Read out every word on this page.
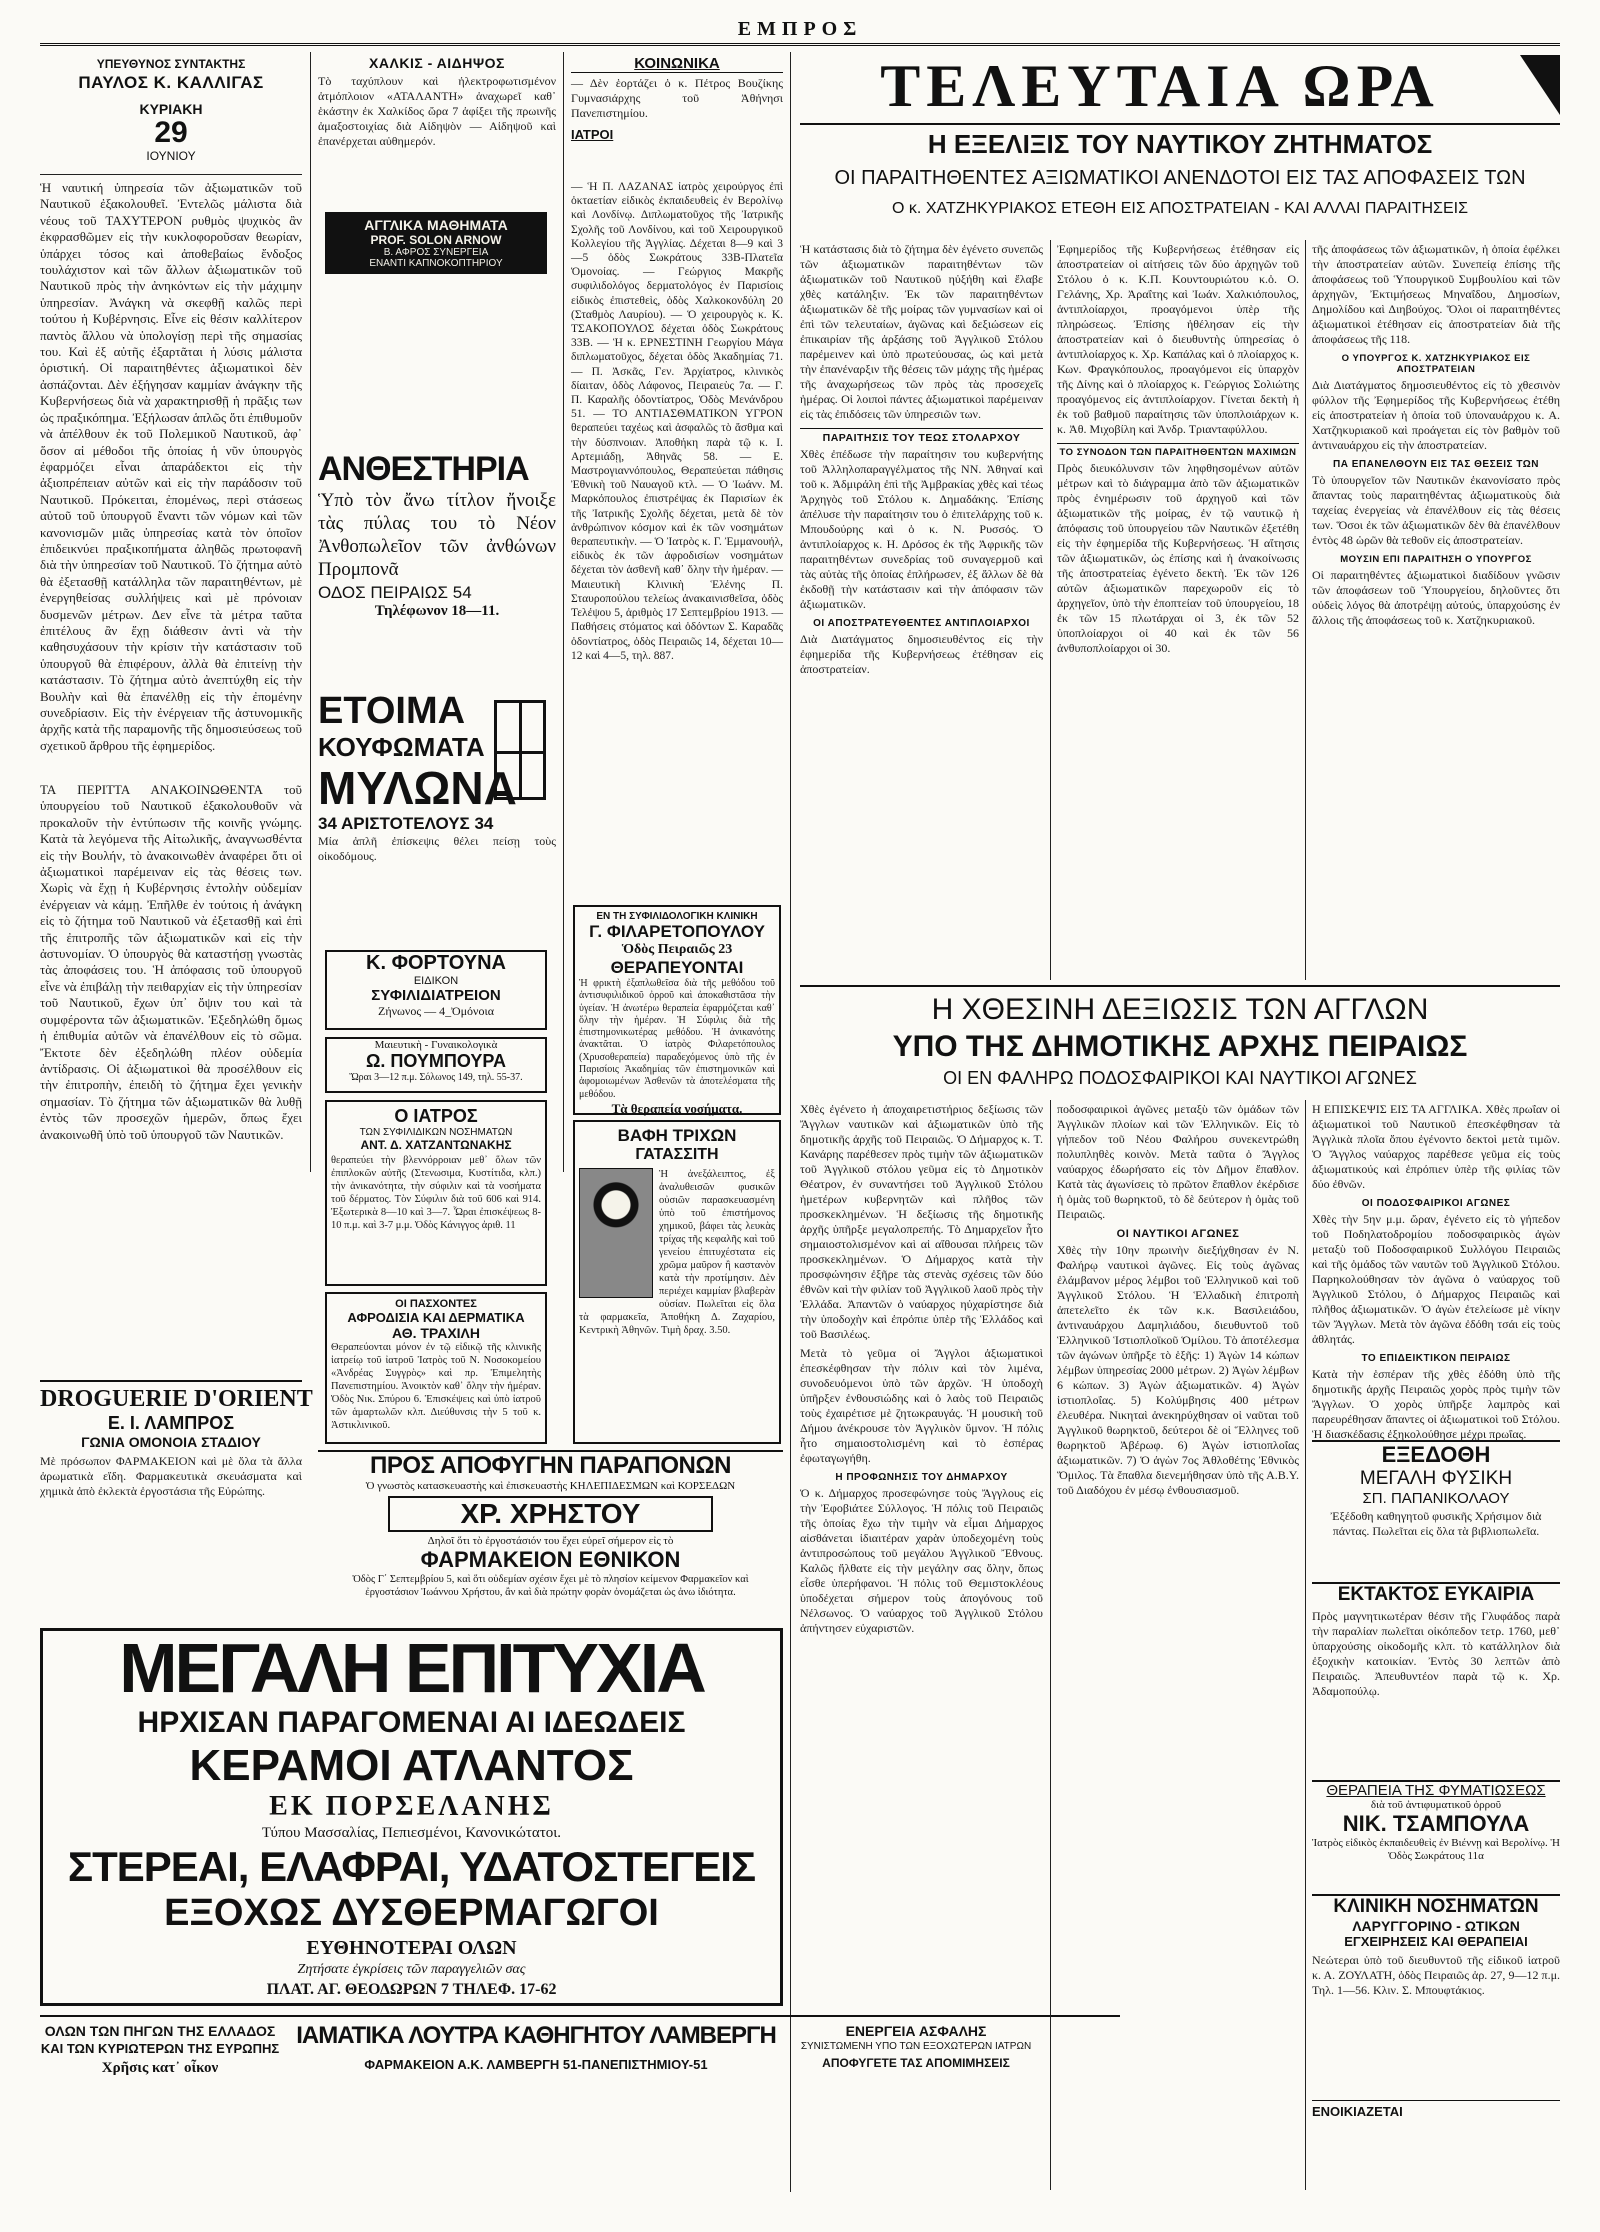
ΕΜΠΡΟΣ
ΥΠΕΥΘΥΝΟΣ ΣΥΝΤΑΚΤΗΣ
ΠΑΥΛΟΣ Κ. ΚΑΛΛΙΓΑΣ
ΚΥΡΙΑΚΗ
29
ΙΟΥΝΙΟΥ
Ἡ ναυτική ὑπηρεσία τῶν ἀξιωματικῶν τοῦ Ναυτικοῦ ἐξακολουθεῖ. Ἐντελῶς μάλιστα διὰ νέους τοῦ ΤΑΧΥΤΕΡΟΝ ρυθμὸς ψυχικὸς ἂν ἐκφρασθῶμεν εἰς τὴν κυκλοφοροῦσαν θεωρίαν, ὑπάρχει τόσος καὶ ἀποθεβαίως ἔνδοξος τουλάχιστον καὶ τῶν ἄλλων ἀξιωματικῶν τοῦ Ναυτικοῦ πρὸς τὴν ἀνηκόντων εἰς τὴν μάχιμην ὑπηρεσίαν. Ἀνάγκη νὰ σκεφθῇ καλῶς περὶ τούτου ἡ Κυβέρνησις. Εἶνε εἰς θέσιν καλλίτερον παντὸς ἄλλου νὰ ὑπολογίσῃ περὶ τῆς σημασίας του. Καὶ ἐξ αὐτῆς ἐξαρτᾶται ἡ λύσις μάλιστα ὁριστική. Οἱ παραιτηθέντες ἀξιωματικοὶ δὲν ἀσπάζονται. Δὲν ἐξήγησαν καμμίαν ἀνάγκην τῆς Κυβερνήσεως διὰ νὰ χαρακτηρισθῇ ἡ πρᾶξις των ὡς πραξικόπημα. Ἐξήλωσαν ἁπλῶς ὅτι ἐπιθυμοῦν νὰ ἀπέλθουν ἐκ τοῦ Πολεμικοῦ Ναυτικοῦ, ἀφ᾽ ὅσον αἱ μέθοδοι τῆς ὁποίας ἡ νῦν ὑπουργὸς ἐφαρμόζει εἶναι ἀπαράδεκτοι εἰς τὴν ἀξιοπρέπειαν αὐτῶν καὶ εἰς τὴν παράδοσιν τοῦ Ναυτικοῦ. Πρόκειται, ἐπομένως, περὶ στάσεως αὐτοῦ τοῦ ὑπουργοῦ ἔναντι τῶν νόμων καὶ τῶν κανονισμῶν μιᾶς ὑπηρεσίας κατὰ τὸν ὁποῖον ἐπιδεικνύει πραξικοπήματα ἀληθῶς πρωτοφανῆ διὰ τὴν ὑπηρεσίαν τοῦ Ναυτικοῦ. Τὸ ζήτημα αὐτὸ θὰ ἐξετασθῇ κατάλληλα τῶν παραιτηθέντων, μὲ ἐνεργηθείσας συλλήψεις καὶ μὲ πρόνοιαν δυσμενῶν μέτρων. Δεν εἶνε τὰ μέτρα ταῦτα ἐπιτέλους ἂν ἔχῃ διάθεσιν ἀντὶ νὰ τὴν καθησυχάσουν τὴν κρίσιν τὴν κατάστασιν τοῦ ὑπουργοῦ θὰ ἐπιφέρουν, ἀλλὰ θὰ ἐπιτείνῃ τὴν κατάστασιν. Τὸ ζήτημα αὐτὸ ἀνεπτύχθη εἰς τὴν Βουλὴν καὶ θὰ ἐπανέλθῃ εἰς τὴν ἐπομένην συνεδρίασιν. Εἰς τὴν ἐνέργειαν τῆς ἀστυνομικῆς ἀρχῆς κατὰ τῆς παραμονῆς τῆς δημοσιεύσεως τοῦ σχετικοῦ ἄρθρου τῆς ἐφημερίδος.
ΤΑ ΠΕΡΙΤΤΑ ΑΝΑΚΟΙΝΩΘΕΝΤΑ τοῦ ὑπουργείου τοῦ Ναυτικοῦ ἐξακολουθοῦν νὰ προκαλοῦν τὴν ἐντύπωσιν τῆς κοινῆς γνώμης. Κατὰ τὰ λεγόμενα τῆς Αἰτωλικῆς, ἀναγνωσθέντα εἰς τὴν Βουλήν, τὸ ἀνακοινωθὲν ἀναφέρει ὅτι οἱ ἀξιωματικοὶ παρέμειναν εἰς τὰς θέσεις των. Χωρὶς νὰ ἔχῃ ἡ Κυβέρνησις ἐντολὴν οὐδεμίαν ἐνέργειαν νὰ κάμῃ. Ἐπῆλθε ἐν τούτοις ἡ ἀνάγκη εἰς τὸ ζήτημα τοῦ Ναυτικοῦ νὰ ἐξετασθῇ καὶ ἐπὶ τῆς ἐπιτροπῆς τῶν ἀξιωματικῶν καὶ εἰς τὴν ἀστυνομίαν. Ὁ ὑπουργὸς θὰ καταστήσῃ γνωστὰς τὰς ἀποφάσεις του. Ἡ ἀπόφασις τοῦ ὑπουργοῦ εἶνε νὰ ἐπιβάλῃ τὴν πειθαρχίαν εἰς τὴν ὑπηρεσίαν τοῦ Ναυτικοῦ, ἔχων ὑπ᾽ ὄψιν του καὶ τὰ συμφέροντα τῶν ἀξιωματικῶν. Ἐξεδηλώθη ὅμως ἡ ἐπιθυμία αὐτῶν νὰ ἐπανέλθουν εἰς τὸ σῶμα. Ἔκτοτε δὲν ἐξεδηλώθη πλέον οὐδεμία ἀντίδρασις. Οἱ ἀξιωματικοὶ θὰ προσέλθουν εἰς τὴν ἐπιτροπὴν, ἐπειδὴ τὸ ζήτημα ἔχει γενικὴν σημασίαν. Τὸ ζήτημα τῶν ἀξιωματικῶν θὰ λυθῇ ἐντὸς τῶν προσεχῶν ἡμερῶν, ὅπως ἔχει ἀνακοινωθῆ ὑπὸ τοῦ ὑπουργοῦ τῶν Ναυτικῶν.
DROGUERIE D'ORIENT
Ε. Ι. ΛΑΜΠΡΟΣ
ΓΩΝΙΑ ΟΜΟΝΟΙΑ ΣΤΑΔΙΟΥ
Μὲ πρόσωπον ΦΑΡΜΑΚΕΙΟΝ καὶ μὲ ὅλα τὰ ἄλλα ἀρωματικὰ εἴδη. Φαρμακευτικὰ σκευάσματα καὶ χημικὰ ἀπὸ ἐκλεκτὰ ἐργοστάσια τῆς Εὐρώπης.
ΧΑΛΚΙΣ - ΑΙΔΗΨΟΣ
Τὸ ταχύπλουν καὶ ἠλεκτροφωτισμένον ἀτμόπλοιον «ΑΤΑΛΑΝΤΗ» ἀναχωρεῖ καθ᾽ ἑκάστην ἐκ Χαλκίδος ὥρα 7 ἀφίξει τῆς πρωινῆς ἁμαξοστοιχίας διὰ Αἰδηψὸν — Αἰδηψοῦ καὶ ἐπανέρχεται αὐθημερόν.
ΑΓΓΛΙΚΑ ΜΑΘΗΜΑΤΑ
PROF. SOLON ARNOW
Β. ΑΦΡΟΣ ΣΥΝΕΡΓΕΙΑ
ΕΝΑΝΤΙ ΚΑΠΝΟΚΟΠΤΗΡΙΟΥ
ΑΝΘΕΣΤΗΡΙΑ
Ὑπὸ τὸν ἄνω τίτλον ἤνοιξε τὰς πύλας του τὸ Νέον Ἀνθοπωλεῖον τῶν ἀνθώνων Προμπονᾶ
ΟΔΟΣ ΠΕΙΡΑΙΩΣ 54
Τηλέφωνον 18—11.
ΕΤΟΙΜΑ
ΚΟΥΦΩΜΑΤΑ
ΜΥΛΩΝΑ
34 ΑΡΙΣΤΟΤΕΛΟΥΣ 34
Μία ἁπλῆ ἐπίσκεψις θέλει πείσῃ τοὺς οἰκοδόμους.
Κ. ΦΟΡΤΟΥΝΑ
ΕΙΔΙΚΟΝ
ΣΥΦΙΛΙΔΙΑΤΡΕΙΟΝ
Ζήνωνος — 4_Ὀμόνοια
Μαιευτικὴ - Γυναικολογικὰ
Ω. ΠΟΥΜΠΟΥΡΑ
Ὥραι 3—12 π.μ. Σόλωνος 149, τηλ. 55-37.
Ο ΙΑΤΡΟΣ
ΤΩΝ ΣΥΦΙΛΙΔΙΚΩΝ ΝΟΣΗΜΑΤΩΝ
ΑΝΤ. Δ. ΧΑΤΖΑΝΤΩΝΑΚΗΣ
θεραπεύει τὴν βλεννόρροιαν μεθ᾽ ὅλων τῶν ἐπιπλοκῶν αὐτῆς (Στενωσιμα, Κυστίτιδα, κλπ.) τὴν ἀνικανότητα, τὴν σύφιλιν καὶ τὰ νοσήματα τοῦ δέρματος. Τὸν Σύφιλιν διὰ τοῦ 606 καὶ 914. Ἐξωτερικὰ 8—10 καὶ 3—7. Ὧραι ἐπισκέψεως 8-10 π.μ. καὶ 3-7 μ.μ. Ὁδὸς Κάνιγγος ἀριθ. 11
ΟΙ ΠΑΣΧΟΝΤΕΣ
ΑΦΡΟΔΙΣΙΑ ΚΑΙ ΔΕΡΜΑΤΙΚΑ
ΑΘ. ΤΡΑΧΙΛΗ
Θεραπεύονται μόνον ἐν τῷ εἰδικῷ τῆς κλινικῆς ἰατρείῳ τοῦ ἰατροῦ Ἰατρὸς τοῦ Ν. Νοσοκομείου «Ἀνδρέας Συγγρὸς» καὶ πρ. Ἐπιμελητὴς Πανεπιστημίου. Ἀνοικτὸν καθ᾽ ὅλην τὴν ἡμέραν. Ὁδὸς Νικ. Σπύρου 6. Ἐπισκέψεις καὶ ὑπὸ ἰατροῦ τῶν ἁμαρτωλῶν κλπ. Διεύθυνσις τὴν 5 τοῦ κ. Ἀστικλινικοῦ.
ΚΟΙΝΩΝΙΚΑ
— Δὲν ἑορτάζει ὁ κ. Πέτρος Βουζίκης Γυμνασιάρχης τοῦ Ἀθήνησι Πανεπιστημίου.
ΙΑΤΡΟΙ
— Ἡ Π. ΛΑΖΑΝΑΣ ἰατρὸς χειρούργος ἐπὶ ὀκταετίαν εἰδικὸς ἐκπαιδευθεὶς ἐν Βερολίνῳ καὶ Λονδίνῳ. Διπλωματοῦχος τῆς Ἰατρικῆς Σχολῆς τοῦ Λονδίνου, καὶ τοῦ Χειρουργικοῦ Κολλεγίου τῆς Ἀγγλίας. Δέχεται 8—9 καὶ 3—5 ὁδὸς Σωκράτους 33Β-Πλατεῖα Ὁμονοίας. — Γεώργιος Μακρῆς συφιλιδολόγος δερματολόγος ἐν Παρισίοις εἰδικὸς ἐπιστεθεὶς, ὁδὸς Χαλκοκονδύλη 20 (Σταθμὸς Λαυρίου). — Ὁ χειρουργὸς κ. Κ. ΤΣΑΚΟΠΟΥΛΟΣ δέχεται ὁδὸς Σωκράτους 33Β. — Ἡ κ. ΕΡΝΕΣΤΙΝΗ Γεωργίου Μάγα διπλωματοῦχος, δέχεται ὁδὸς Ἀκαδημίας 71. — Π. Ἀσκᾶς, Γεν. Ἀρχίατρος, κλινικὸς δίαιταν, ὁδὸς Λάφονος, Πειραιεὺς 7α. — Γ. Π. Καραλῆς ὀδοντίατρος, Ὁδὸς Μενάνδρου 51. — ΤΟ ΑΝΤΙΑΣΘΜΑΤΙΚΟΝ ΥΓΡΟΝ θεραπεύει ταχέως καὶ ἀσφαλῶς τὸ ἄσθμα καὶ τὴν δύσπνοιαν. Ἀποθήκη παρὰ τῷ κ. Ι. Αρτεμιάδῃ, Ἀθηνᾶς 58. — Ε. Μαστρογιαννόπουλος, Θεραπεύεται πάθησις Ἐθνικὴ τοῦ Ναυαγοῦ κτλ. — Ὁ Ἰωάνν. Μ. Μαρκόπουλος ἐπιστρέψας ἐκ Παρισίων ἐκ τῆς Ἰατρικῆς Σχολῆς δέχεται, μετὰ δὲ τὸν ἀνθρώπινον κόσμον καὶ ἐκ τῶν νοσημάτων θεραπευτικὴν. — Ὁ Ἰατρὸς κ. Γ. Ἐμμανουήλ, εἰδικὸς ἐκ τῶν ἀφροδισίων νοσημάτων δέχεται τὸν ἀσθενῆ καθ᾽ ὅλην τὴν ἡμέραν. — Μαιευτικὴ Κλινικὴ Ἑλένης Π. Σταυροπούλου τελείως ἀνακαινισθεῖσα, ὁδὸς Τελέψου 5, ἀριθμὸς 17 Σεπτεμβρίου 1913. — Παθήσεις στόματος καὶ ὀδόντων Σ. Καραδᾶς ὀδοντίατρος, ὁδὸς Πειραιῶς 14, δέχεται 10—12 καὶ 4—5, τηλ. 887.
ΕΝ ΤΗ ΣΥΦΙΛΙΔΟΛΟΓΙΚΗ ΚΛΙΝΙΚΗ
Γ. ΦΙΛΑΡΕΤΟΠΟΥΛΟΥ
Ὁδὸς Πειραιῶς 23
ΘΕΡΑΠΕΥΟΝΤΑΙ
Ἡ φρικτὴ ἐξαπλωθεῖσα διὰ τῆς μεθόδου τοῦ ἀντισυφιλιδικοῦ ὀρροῦ καὶ ἀποκαθιστᾶσα τὴν ὑγείαν. Ἡ ἀνωτέρω θεραπεία ἐφαρμόζεται καθ᾽ ὅλην τὴν ἡμέραν. Ἡ Σύφιλις διὰ τῆς ἐπιστημονικωτέρας μεθόδου. Ἡ ἀνικανότης ἀνακτᾶται. Ὁ ἰατρὸς Φιλαρετόπουλος (Χρυσοθεραπεία) παραδεχόμενος ὑπὸ τῆς ἐν Παρισίοις Ἀκαδημίας τῶν ἐπιστημονικῶν καὶ ἀφομοιωμένων Ἀσθενῶν τὰ ἀποτελέσματα τῆς μεθόδου.
Τὰ θεραπεία νοσήματα.
ΒΑΦΗ ΤΡΙΧΩΝ
ΓΑΤΑΣΣΙΤΗ
Ἡ ἀνεξάλειπτος, ἐξ ἀναλυθεισῶν φυσικῶν οὐσιῶν παρασκευασμένη ὑπὸ τοῦ ἐπιστήμονος χημικοῦ, βάφει τὰς λευκὰς τρίχας τῆς κεφαλῆς καὶ τοῦ γενείου ἐπιτυχέστατα εἰς χρῶμα μαῦρον ἢ καστανὸν κατὰ τὴν προτίμησιν. Δὲν περιέχει καμμίαν βλαβερὰν οὐσίαν. Πωλεῖται εἰς ὅλα τὰ φαρμακεῖα, Ἀποθήκη Δ. Ζαχαρίου, Κεντρικὴ Ἀθηνῶν. Τιμὴ δραχ. 3.50.
ΠΡΟΣ ΑΠΟΦΥΓΗΝ ΠΑΡΑΠΟΝΩΝ
Ὁ γνωστὸς κατασκευαστὴς καὶ ἐπισκευαστὴς ΚΗΛΕΠΙΔΕΣΜΩΝ καὶ ΚΟΡΣΕΔΩΝ
ΧΡ. ΧΡΗΣΤΟΥ
Δηλοῖ ὅτι τὸ ἐργοστάσιόν του ἔχει εὑρεῖ σήμερον εἰς τὸ
ΦΑΡΜΑΚΕΙΟΝ ΕΘΝΙΚΟΝ
Ὁδὸς Γ΄ Σεπτεμβρίου 5, καὶ ὅτι οὐδεμίαν σχέσιν ἔχει μὲ τὸ πλησίον κείμενον Φαρμακεῖον καὶ ἐργοστάσιον Ἰωάννου Χρήστου, ἂν καὶ διὰ πρώτην φορὰν ὀνομάζεται ὡς ἀνω ἰδιότητα.
ΜΕΓΑΛΗ ΕΠΙΤΥΧΙΑ
ΗΡΧΙΣΑΝ ΠΑΡΑΓΟΜΕΝΑΙ ΑΙ ΙΔΕΩΔΕΙΣ
ΚΕΡΑΜΟΙ ΑΤΛΑΝΤΟΣ
ΕΚ ΠΟΡΣΕΛΑΝΗΣ
Τύπου Μασσαλίας, Πεπιεσμένοι, Κανονικώτατοι.
ΣΤΕΡΕΑΙ, ΕΛΑΦΡΑΙ, ΥΔΑΤΟΣΤΕΓΕΙΣ
ΕΞΟΧΩΣ ΔΥΣΘΕΡΜΑΓΩΓΟΙ
ΕΥΘΗΝΟΤΕΡΑΙ ΟΛΩΝ
Ζητήσατε ἐγκρίσεις τῶν παραγγελιῶν σας
ΠΛΑΤ. ΑΓ. ΘΕΟΔΩΡΩΝ 7 ΤΗΛΕΦ. 17-62
ΟΛΩΝ ΤΩΝ ΠΗΓΩΝ ΤΗΣ ΕΛΛΑΔΟΣ
ΚΑΙ ΤΩΝ ΚΥΡΙΩΤΕΡΩΝ ΤΗΣ ΕΥΡΩΠΗΣ
Χρῆσις κατ᾽ οἶκον
ΙΑΜΑΤΙΚΑ ΛΟΥΤΡΑ ΚΑΘΗΓΗΤΟΥ ΛΑΜΒΕΡΓΗ
ΦΑΡΜΑΚΕΙΟΝ Α.Κ. ΛΑΜΒΕΡΓΗ 51-ΠΑΝΕΠΙΣΤΗΜΙΟΥ-51
ΕΝΕΡΓΕΙΑ ΑΣΦΑΛΗΣ
ΣΥΝΙΣΤΩΜΕΝΗ ΥΠΟ ΤΩΝ ΕΞΟΧΩΤΕΡΩΝ ΙΑΤΡΩΝ
ΑΠΟΦΥΓΕΤΕ ΤΑΣ ΑΠΟΜΙΜΗΣΕΙΣ
ΤΕΛΕΥΤΑΙΑ ΩΡΑ
Η ΕΞΕΛΙΞΙΣ ΤΟΥ ΝΑΥΤΙΚΟΥ ΖΗΤΗΜΑΤΟΣ
ΟΙ ΠΑΡΑΙΤΗΘΕΝΤΕΣ ΑΞΙΩΜΑΤΙΚΟΙ ΑΝΕΝΔΟΤΟΙ ΕΙΣ ΤΑΣ ΑΠΟΦΑΣΕΙΣ ΤΩΝ
Ο κ. ΧΑΤΖΗΚΥΡΙΑΚΟΣ ΕΤΕΘΗ ΕΙΣ ΑΠΟΣΤΡΑΤΕΙΑΝ - ΚΑΙ ΑΛΛΑΙ ΠΑΡΑΙΤΗΣΕΙΣ
Ἡ κατάστασις διὰ τὸ ζήτημα δὲν ἐγένετο συνεπῶς τῶν ἀξιωματικῶν παραιτηθέντων τῶν ἀξιωματικῶν τοῦ Ναυτικοῦ ηὐξήθη καὶ ἔλαβε χθὲς κατάληξιν. Ἐκ τῶν παραιτηθέντων ἀξιωματικῶν δὲ τῆς μοίρας τῶν γυμνασίων καὶ οἱ ἐπὶ τῶν τελευταίων, ἀγῶνας καὶ δεξιώσεων εἰς ἐπικαιρίαν τῆς ἀρξάσης τοῦ Ἀγγλικοῦ Στόλου παρέμεινεν καὶ ὑπὸ πρωτεύουσας, ὡς καὶ μετὰ τὴν ἐπανέναρξιν τῆς θέσεις τῶν μάχης τῆς ἡμέρας τῆς ἀναχωρήσεως τῶν πρὸς τὰς προσεχεῖς ἡμέρας. Οἱ λοιποὶ πάντες ἀξιωματικοὶ παρέμειναν εἰς τὰς ἐπιδόσεις τῶν ὑπηρεσιῶν των.
ΠΑΡΑΙΤΗΣΙΣ ΤΟΥ ΤΕΩΣ ΣΤΟΛΑΡΧΟΥ
Χθὲς ἐπέδωσε τὴν παραίτησιν του κυβερνήτης τοῦ Ἀλληλοπαραγγέλματος τῆς ΝΝ. Ἀθηναί καὶ τοῦ κ. Ἀδμιράλη ἐπὶ τῆς Ἀμβρακίας χθὲς καὶ τέως Ἀρχηγὸς τοῦ Στόλου κ. Δημαδάκης. Ἐπίσης ἀπέλυσε τὴν παραίτησιν του ὁ ἐπιτελάρχης τοῦ κ. Μπουδούρης καὶ ὁ κ. Ν. Ρυσσός. Ὁ ἀντιπλοίαρχος κ. Η. Δρόσος ἐκ τῆς Ἀφρικῆς τῶν παραιτηθέντων συνεδρίας τοῦ συναγερμοῦ καὶ τὰς αὐτὰς τῆς ὁποίας ἐπλήρωσεν, ἐξ ἄλλων δὲ θὰ ἐκδοθῇ τὴν κατάστασιν καὶ τὴν ἀπόφασιν τῶν ἀξιωματικῶν.
ΟΙ ΑΠΟΣΤΡΑΤΕΥΘΕΝΤΕΣ ΑΝΤΙΠΛΟΙΑΡΧΟΙ
Διὰ Διατάγματος δημοσιευθέντος εἰς τὴν ἐφημερίδα τῆς Κυβερνήσεως ἐτέθησαν εἰς ἀποστρατείαν.
Ἐφημερίδος τῆς Κυβερνήσεως ἐτέθησαν εἰς ἀποστρατείαν οἱ αἰτήσεις τῶν δύο ἀρχηγῶν τοῦ Στόλου ὁ κ. Κ.Π. Κουντουριώτου κ.ὁ. Ο. Γελάνης, Χρ. Ἀραΐτης καὶ Ἰωάν. Χαλκιόπουλος, ἀντιπλοίαρχοι, προαγόμενοι ὑπὲρ τῆς πληρώσεως. Ἐπίσης ἠθέλησαν εἰς τὴν ἀποστρατείαν καὶ ὁ διευθυντὴς ὑπηρεσίας ὁ ἀντιπλοίαρχος κ. Χρ. Καπάλας καὶ ὁ πλοίαρχος κ. Κων. Φραγκόπουλος, προαγόμενοι εἰς ὑπαρχὸν τῆς Δίνης καὶ ὁ πλοίαρχος κ. Γεώργιος Σολιώτης προαγόμενος εἰς ἀντιπλοίαρχον. Γίνεται δεκτὴ ἡ ἐκ τοῦ βαθμοῦ παραίτησις τῶν ὑποπλοιάρχων κ. κ. Ἀθ. Μιχοβίλη καὶ Ἀνδρ. Τριανταφύλλου.
ΤΟ ΣΥΝΟΔΟΝ ΤΩΝ ΠΑΡΑΙΤΗΘΕΝΤΩΝ ΜΑΧΙΜΩΝ
Πρὸς διευκόλυνσιν τῶν ληφθησομένων αὐτῶν μέτρων καὶ τὸ διάγραμμα ἀπὸ τῶν ἀξιωματικῶν πρὸς ἐνημέρωσιν τοῦ ἀρχηγοῦ καὶ τῶν ἀξιωματικῶν τῆς μοίρας, ἐν τῷ ναυτικῷ ἡ ἀπόφασις τοῦ ὑπουργείου τῶν Ναυτικῶν ἐξετέθη εἰς τὴν ἐφημερίδα τῆς Κυβερνήσεως. Ἡ αἴτησις τῶν ἀξιωματικῶν, ὡς ἐπίσης καὶ ἡ ἀνακοίνωσις τῆς ἀποστρατείας ἐγένετο δεκτὴ. Ἐκ τῶν 126 αὐτῶν ἀξιωματικῶν παρεχωροῦν εἰς τὸ ἀρχηγεῖον, ὑπὸ τὴν ἐποπτείαν τοῦ ὑπουργείου, 18 ἐκ τῶν 15 πλωτάρχαι οἱ 3, ἐκ τῶν 52 ὑποπλοίαρχοι οἱ 40 καὶ ἐκ τῶν 56 ἀνθυποπλοίαρχοι οἱ 30.
τῆς ἀποφάσεως τῶν ἀξιωματικῶν, ἡ ὁποία ἐφέλκει τὴν ἀποστρατείαν αὐτῶν. Συνεπείᾳ ἐπίσης τῆς ἀποφάσεως τοῦ Ὑπουργικοῦ Συμβουλίου καὶ τῶν ἀρχηγῶν, Ἐκτιμήσεως Μηναΐδου, Δημοσίων, Δημολίδου καὶ Διηβούχος. Ὅλοι οἱ παραιτηθέντες ἀξιωματικοὶ ἐτέθησαν εἰς ἀποστρατείαν διὰ τῆς ἀποφάσεως τῆς 118.
Ο ΥΠΟΥΡΓΟΣ Κ. ΧΑΤΖΗΚΥΡΙΑΚΟΣ ΕΙΣ ΑΠΟΣΤΡΑΤΕΙΑΝ
Διὰ Διατάγματος δημοσιευθέντος εἰς τὸ χθεσινὸν φύλλον τῆς Ἐφημερίδος τῆς Κυβερνήσεως ἐτέθη εἰς ἀποστρατείαν ἡ ὁποία τοῦ ὑποναυάρχου κ. Α. Χατζηκυριακοῦ καὶ προάγεται εἰς τὸν βαθμὸν τοῦ ἀντιναυάρχου εἰς τὴν ἀποστρατείαν.
ΠΑ ΕΠΑΝΕΛΘΟΥΝ ΕΙΣ ΤΑΣ ΘΕΣΕΙΣ ΤΩΝ
Τὸ ὑπουργεῖον τῶν Ναυτικῶν ἐκανονίσατο πρὸς ἅπαντας τοὺς παραιτηθέντας ἀξιωματικοὺς διὰ ταχείας ἐνεργείας νὰ ἐπανέλθουν εἰς τὰς θέσεις των. Ὅσοι ἐκ τῶν ἀξιωματικῶν δὲν θὰ ἐπανέλθουν ἐντὸς 48 ὡρῶν θὰ τεθοῦν εἰς ἀποστρατείαν.
ΜΟΥΣΙΝ ΕΠΙ ΠΑΡΑΙΤΗΣΗ Ο ΥΠΟΥΡΓΟΣ
Οἱ παραιτηθέντες ἀξιωματικοὶ διαδίδουν γνῶσιν τῶν ἀποφάσεων τοῦ Ὑπουργείου, δηλοῦντες ὅτι οὐδεὶς λόγος θὰ ἀποτρέψῃ αὐτούς, ὑπαρχούσης ἐν ἄλλοις τῆς ἀποφάσεως τοῦ κ. Χατζηκυριακοῦ.
Η ΧΘΕΣΙΝΗ ΔΕΞΙΩΣΙΣ ΤΩΝ ΑΓΓΛΩΝ
ΥΠΟ ΤΗΣ ΔΗΜΟΤΙΚΗΣ ΑΡΧΗΣ ΠΕΙΡΑΙΩΣ
ΟΙ ΕΝ ΦΑΛΗΡΩ ΠΟΔΟΣΦΑΙΡΙΚΟΙ ΚΑΙ ΝΑΥΤΙΚΟΙ ΑΓΩΝΕΣ
Χθὲς ἐγένετο ἡ ἀποχαιρετιστήριος δεξίωσις τῶν Ἄγγλων ναυτικῶν καὶ ἀξιωματικῶν ὑπὸ τῆς δημοτικῆς ἀρχῆς τοῦ Πειραιῶς. Ὁ Δήμαρχος κ. Τ. Κανάρης παρέθεσεν πρὸς τιμὴν τῶν ἀξιωματικῶν τοῦ Ἀγγλικοῦ στόλου γεῦμα εἰς τὸ Δημοτικὸν Θέατρον, ἐν συναντήσει τοῦ Ἀγγλικοῦ Στόλου ἡμετέρων κυβερνητῶν καὶ πλῆθος τῶν προσκεκλημένων. Ἡ δεξίωσις τῆς δημοτικῆς ἀρχῆς ὑπῆρξε μεγαλοπρεπής. Τὸ Δημαρχεῖον ἦτο σημαιοστολισμένον καὶ αἱ αἴθουσαι πλήρεις τῶν προσκεκλημένων. Ὁ Δήμαρχος κατὰ τὴν προσφώνησιν ἐξῆρε τὰς στενὰς σχέσεις τῶν δύο ἐθνῶν καὶ τὴν φιλίαν τοῦ Ἀγγλικοῦ λαοῦ πρὸς τὴν Ἑλλάδα. Ἀπαντῶν ὁ ναύαρχος ηὐχαρίστησε διὰ τὴν ὑποδοχὴν καὶ ἐπρόπιε ὑπὲρ τῆς Ἑλλάδος καὶ τοῦ Βασιλέως.
Μετὰ τὸ γεῦμα οἱ Ἄγγλοι ἀξιωματικοὶ ἐπεσκέφθησαν τὴν πόλιν καὶ τὸν λιμένα, συνοδευόμενοι ὑπὸ τῶν ἀρχῶν. Ἡ ὑποδοχὴ ὑπῆρξεν ἐνθουσιώδης καὶ ὁ λαὸς τοῦ Πειραιῶς τοὺς ἐχαιρέτισε μὲ ζητωκραυγάς. Ἡ μουσικὴ τοῦ Δήμου ἀνέκρουσε τὸν Ἀγγλικὸν ὕμνον. Ἡ πόλις ἦτο σημαιοστολισμένη καὶ τὸ ἑσπέρας ἐφωταγωγήθη.
Η ΠΡΟΦΩΝΗΣΙΣ ΤΟΥ ΔΗΜΑΡΧΟΥ
Ὁ κ. Δήμαρχος προσεφώνησε τοὺς Ἄγγλους εἰς τὴν Ἐφοβιάτεε Σύλλογος. Ἡ πόλις τοῦ Πειραιῶς τῆς ὁποίας ἔχω τὴν τιμὴν νὰ εἶμαι Δήμαρχος αἰσθάνεται ἰδιαιτέραν χαρὰν ὑποδεχομένη τοὺς ἀντιπροσώπους τοῦ μεγάλου Ἀγγλικοῦ Ἔθνους. Καλῶς ἤλθατε εἰς τὴν μεγάλην σας ὅλην, ὅπως εἶσθε ὑπερήφανοι. Ἡ πόλις τοῦ Θεμιστοκλέους ὑποδέχεται σήμερον τοὺς ἀπογόνους τοῦ Νέλσωνος. Ὁ ναύαρχος τοῦ Ἀγγλικοῦ Στόλου ἀπήντησεν εὐχαριστῶν.
ποδοσφαιρικοὶ ἀγῶνες μεταξὺ τῶν ὁμάδων τῶν Ἀγγλικῶν πλοίων καὶ τῶν Ἑλληνικῶν. Εἰς τὸ γήπεδον τοῦ Νέου Φαλήρου συνεκεντρώθη πολυπληθὲς κοινὸν. Μετὰ ταῦτα ὁ Ἄγγλος ναύαρχος ἐδωρήσατο εἰς τὸν Δῆμον ἔπαθλον. Κατὰ τὰς ἀγωνίσεις τὸ πρῶτον ἔπαθλον ἐκέρδισε ἡ ὁμὰς τοῦ θωρηκτοῦ, τὸ δὲ δεύτερον ἡ ὁμὰς τοῦ Πειραιῶς.
ΟΙ ΝΑΥΤΙΚΟΙ ΑΓΩΝΕΣ
Χθὲς τὴν 10ην πρωινὴν διεξήχθησαν ἐν Ν. Φαλήρῳ ναυτικοὶ ἀγῶνες. Εἰς τοὺς ἀγῶνας ἐλάμβανον μέρος λέμβοι τοῦ Ἑλληνικοῦ καὶ τοῦ Ἀγγλικοῦ Στόλου. Ἡ Ἑλλαδικὴ ἐπιτροπὴ ἀπετελεῖτο ἐκ τῶν κ.κ. Βασιλειάδου, ἀντιναυάρχου Δαμηλιάδου, διευθυντοῦ τοῦ Ἑλληνικοῦ Ἱστιοπλοϊκοῦ Ὁμίλου. Τὸ ἀποτέλεσμα τῶν ἀγώνων ὑπῆρξε τὸ ἑξῆς: 1) Ἀγὼν 14 κώπων λέμβων ὑπηρεσίας 2000 μέτρων. 2) Ἀγὼν λέμβων 6 κώπων. 3) Ἀγὼν ἀξιωματικῶν. 4) Ἀγὼν ἱστιοπλοΐας. 5) Κολύμβησις 400 μέτρων ἐλευθέρα. Νικηταὶ ἀνεκηρύχθησαν οἱ ναῦται τοῦ Ἀγγλικοῦ θωρηκτοῦ, δεύτεροι δὲ οἱ Ἕλληνες τοῦ θωρηκτοῦ Ἀβέρωφ. 6) Ἀγὼν ἱστιοπλοΐας ἀξιωματικῶν. 7) Ὁ ἀγὼν 7ος Ἀθλοθέτης Ἐθνικὸς Ὅμιλος. Τὰ ἔπαθλα διενεμήθησαν ὑπὸ τῆς Α.Β.Υ. τοῦ Διαδόχου ἐν μέσῳ ἐνθουσιασμοῦ.
Η ΕΠΙΣΚΕΨΙΣ ΕΙΣ ΤΑ ΑΓΓΛΙΚΑ. Χθὲς πρωΐαν οἱ ἀξιωματικοὶ τοῦ Ναυτικοῦ ἐπεσκέφθησαν τὰ Ἀγγλικὰ πλοῖα ὅπου ἐγένοντο δεκτοὶ μετὰ τιμῶν. Ὁ Ἄγγλος ναύαρχος παρέθεσε γεῦμα εἰς τοὺς ἀξιωματικούς καὶ ἐπρόπιεν ὑπὲρ τῆς φιλίας τῶν δύο ἐθνῶν.
ΟΙ ΠΟΔΟΣΦΑΙΡΙΚΟΙ ΑΓΩΝΕΣ
Χθὲς τὴν 5ην μ.μ. ὥραν, ἐγένετο εἰς τὸ γήπεδον τοῦ Ποδηλατοδρομίου ποδοσφαιρικὸς ἀγὼν μεταξὺ τοῦ Ποδοσφαιρικοῦ Συλλόγου Πειραιῶς καὶ τῆς ὁμάδος τῶν ναυτῶν τοῦ Ἀγγλικοῦ Στόλου. Παρηκολούθησαν τὸν ἀγῶνα ὁ ναύαρχος τοῦ Ἀγγλικοῦ Στόλου, ὁ Δήμαρχος Πειραιῶς καὶ πλῆθος ἀξιωματικῶν. Ὁ ἀγὼν ἐτελείωσε μὲ νίκην τῶν Ἄγγλων. Μετὰ τὸν ἀγῶνα ἐδόθη τσάι εἰς τοὺς ἀθλητάς.
ΤΟ ΕΠΙΔΕΙΚΤΙΚΟΝ ΠΕΙΡΑΙΩΣ
Κατὰ τὴν ἑσπέραν τῆς χθὲς ἐδόθη ὑπὸ τῆς δημοτικῆς ἀρχῆς Πειραιῶς χορὸς πρὸς τιμὴν τῶν Ἄγγλων. Ὁ χορὸς ὑπῆρξε λαμπρὸς καὶ παρευρέθησαν ἅπαντες οἱ ἀξιωματικοὶ τοῦ Στόλου. Ἡ διασκέδασις ἐξηκολούθησε μέχρι πρωΐας.
ΕΞΕΔΟΘΗ
ΜΕΓΑΛΗ ΦΥΣΙΚΗ
ΣΠ. ΠΑΠΑΝΙΚΟΛΑΟΥ
Ἐξέδοθη καθηγητοῦ φυσικῆς Χρήσιμον διὰ πάντας. Πωλεῖται εἰς ὅλα τὰ βιβλιοπωλεῖα.
ΕΚΤΑΚΤΟΣ ΕΥΚΑΙΡΙΑ
Πρὸς μαγνητικωτέραν θέσιν τῆς Γλυφάδος παρὰ τὴν παραλίαν πωλεῖται οἰκόπεδον τετρ. 1760, μεθ᾽ ὑπαρχούσης οἰκοδομῆς κλπ. τὸ κατάλληλον διὰ ἐξοχικὴν κατοικίαν. Ἐντὸς 30 λεπτῶν ἀπὸ Πειραιῶς. Ἀπευθυντέον παρὰ τῷ κ. Χρ. Ἀδαμοπούλῳ.
ΘΕΡΑΠΕΙΑ ΤΗΣ ΦΥΜΑΤΙΩΣΕΩΣ
διὰ τοῦ ἀντιφυματικοῦ ὀρροῦ
ΝΙΚ. ΤΣΑΜΠΟΥΛΑ
Ἰατρὸς εἰδικὸς ἐκπαιδευθεὶς ἐν Βιέννῃ καὶ Βερολίνῳ. Ἡ Ὁδὸς Σωκράτους 11α
ΚΛΙΝΙΚΗ ΝΟΣΗΜΑΤΩΝ
ΛΑΡΥΓΓΟΡΙΝΟ - ΩΤΙΚΩΝ
ΕΓΧΕΙΡΗΣΕΙΣ ΚΑΙ ΘΕΡΑΠΕΙΑΙ
Νεώτεραι ὑπὸ τοῦ διευθυντοῦ τῆς εἰδικοῦ ἰατροῦ κ. Α. ΖΟΥΛΑΤΗ, ὁδὸς Πειραιῶς ἀρ. 27, 9—12 π.μ. Τηλ. 1—56. Κλιν. Σ. Μπουφτάκιος.
ΕΝΟΙΚΙΑΖΕΤΑΙ
